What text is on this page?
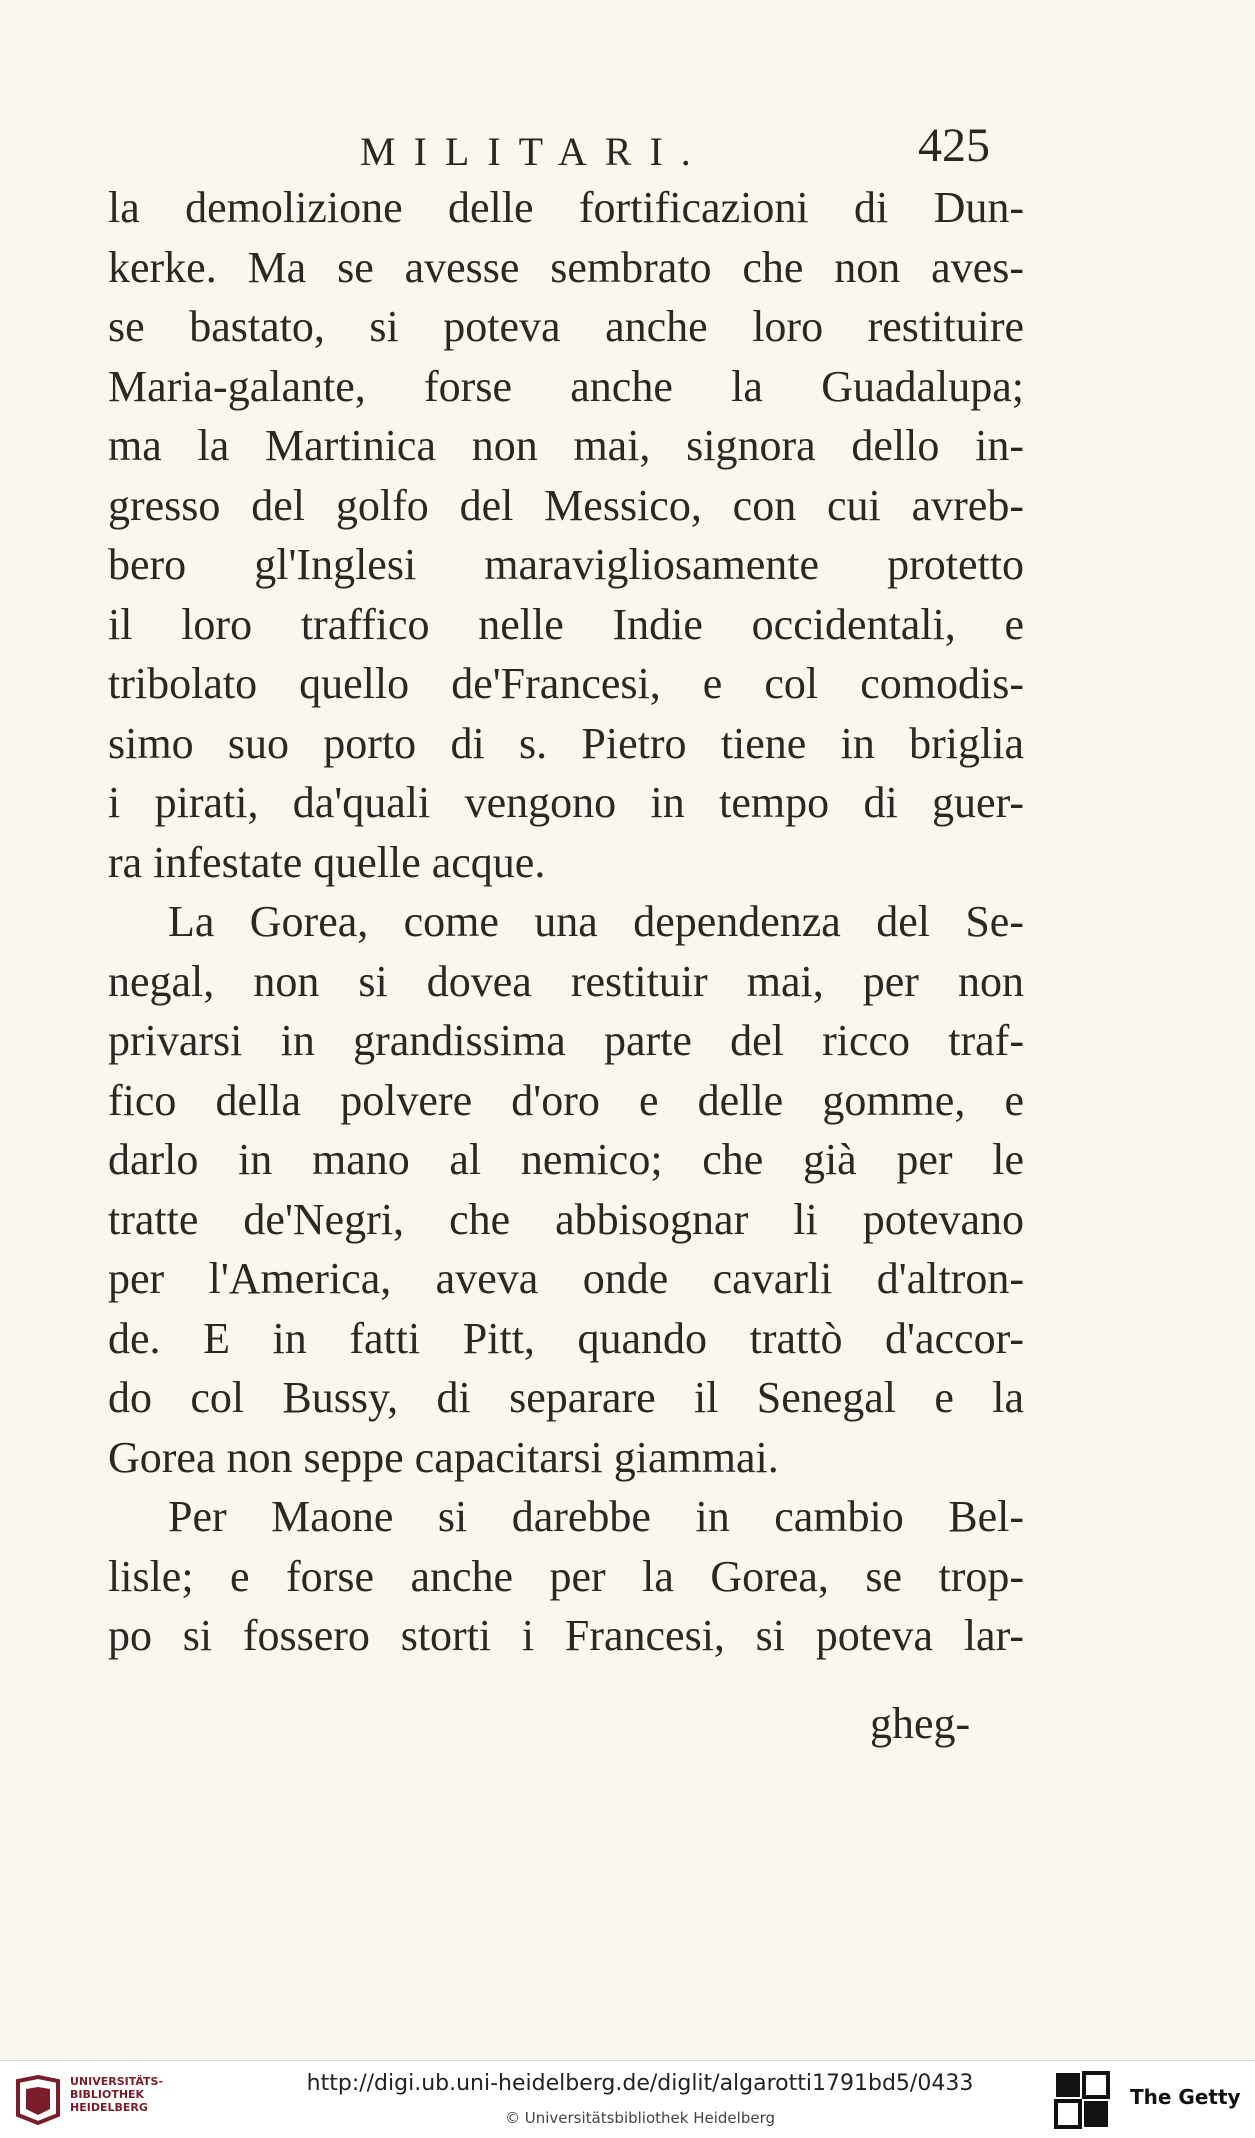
MILITARI.	425
la demolizione delle fortificazioni di Dun-
kerke. Ma se avesse sembrato che non aves-
se bastato, si poteva anche loro restituire
Maria-galante, forse anche la Guadalupa;
ma la Martinica non mai, signora dello in-
gresso del golfo del Messico, con cui avreb-
bero gl'Inglesi maravigliosamente protetto
il loro traffico nelle Indie occidentali, e
tribolato quello de'Francesi, e col comodis-
simo suo porto di s. Pietro tiene in briglia
i pirati, da'quali vengono in tempo di guer-
ra infestate quelle acque.
La Gorea, come una dependenza del Se-
negal, non si dovea restituir mai, per non
privarsi in grandissima parte del ricco traf-
fico della polvere d'oro e delle gomme, e
darlo in mano al nemico; che già per le
tratte de'Negri, che abbisognar li potevano
per l'America, aveva onde cavarli d'altron-
de. E in fatti Pitt, quando trattò d'accor-
do col Bussy, di separare il Senegal e la
Gorea non seppe capacitarsi giammai.
Per Maone si darebbe in cambio Bel-
lisle; e forse anche per la Gorea, se trop-
po si fossero storti i Francesi, si poteva lar-
gheg-
UNIVERSITÄTS-
BIBLIOTHEK
HEIDELBERG
http://digi.ub.uni-heidelberg.de/diglit/algarotti1791bd5/0433
© Universitätsbibliothek Heidelberg
The Getty
